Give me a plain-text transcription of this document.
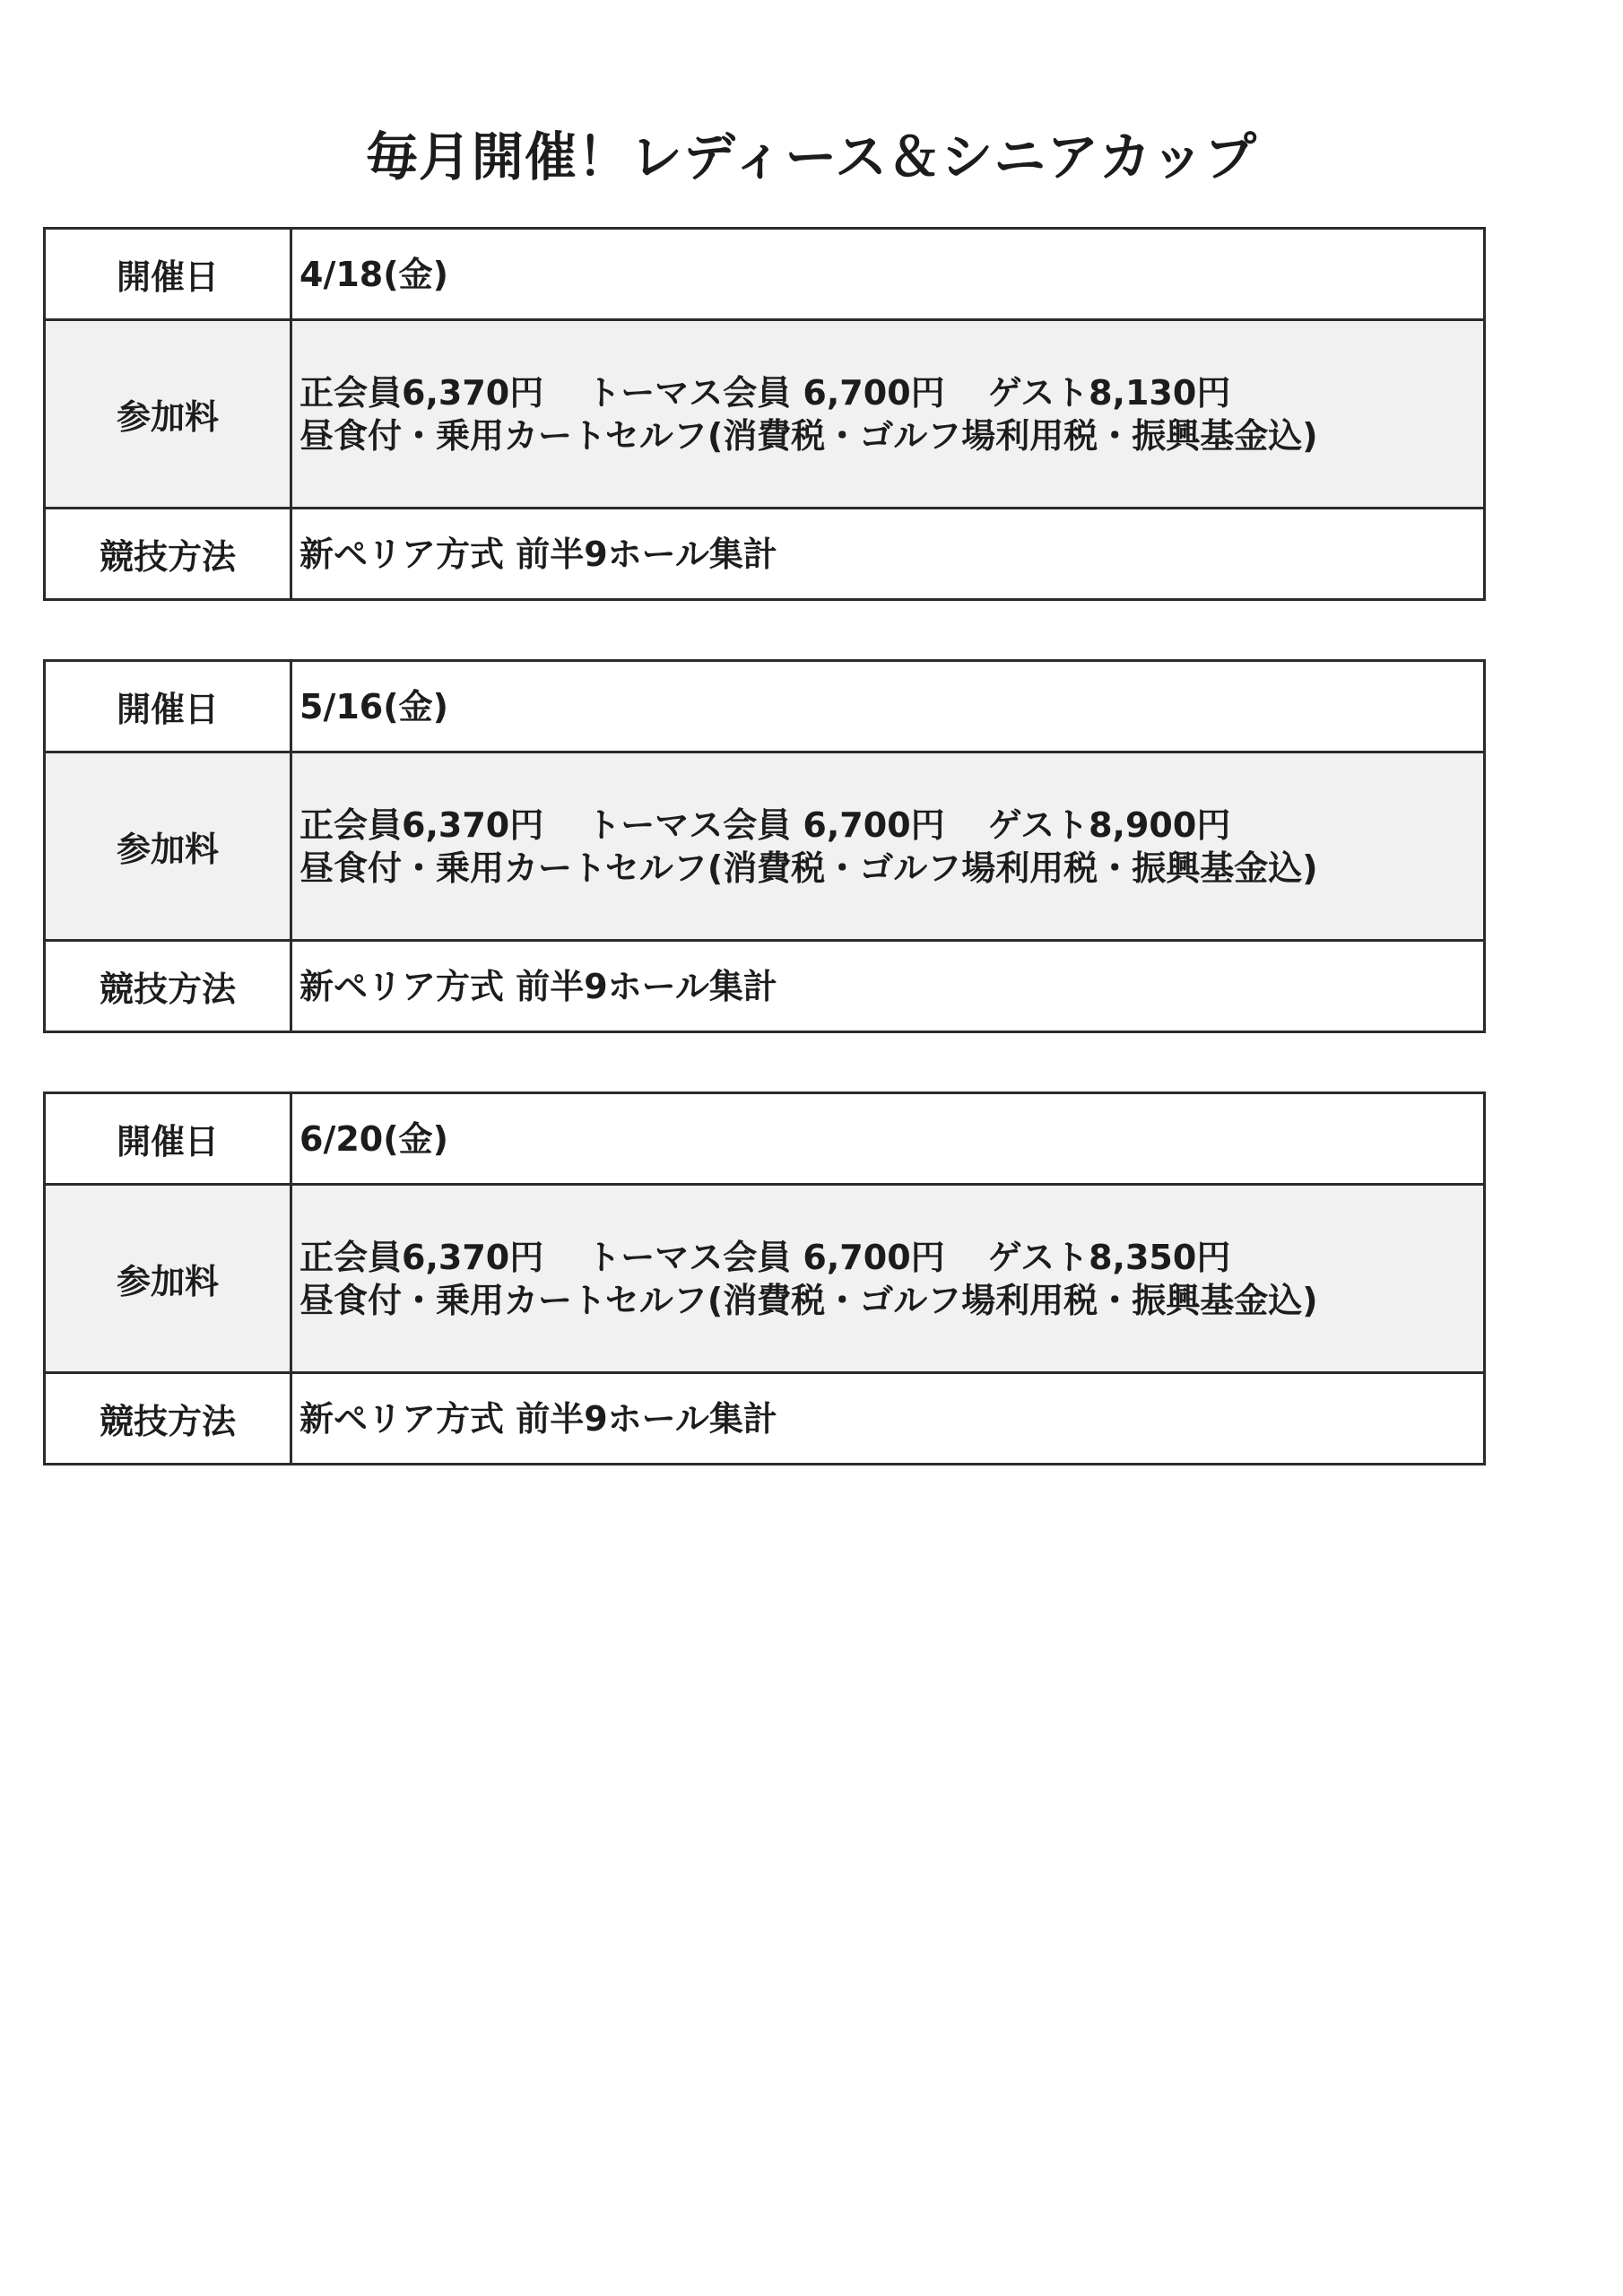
毎月開催！レディース＆シニアカップ
開催日	4/18(金)
参加料	正会員6,370円 トーマス会員 6,700円 ゲスト8,130円
昼食付・乗用カートセルフ(消費税・ゴルフ場利用税・振興基金込)
競技方法	新ペリア方式 前半9ホール集計
開催日	5/16(金)
参加料	正会員6,370円 トーマス会員 6,700円 ゲスト8,900円
昼食付・乗用カートセルフ(消費税・ゴルフ場利用税・振興基金込)
競技方法	新ペリア方式 前半9ホール集計
開催日	6/20(金)
参加料	正会員6,370円 トーマス会員 6,700円 ゲスト8,350円
昼食付・乗用カートセルフ(消費税・ゴルフ場利用税・振興基金込)
競技方法	新ペリア方式 前半9ホール集計
